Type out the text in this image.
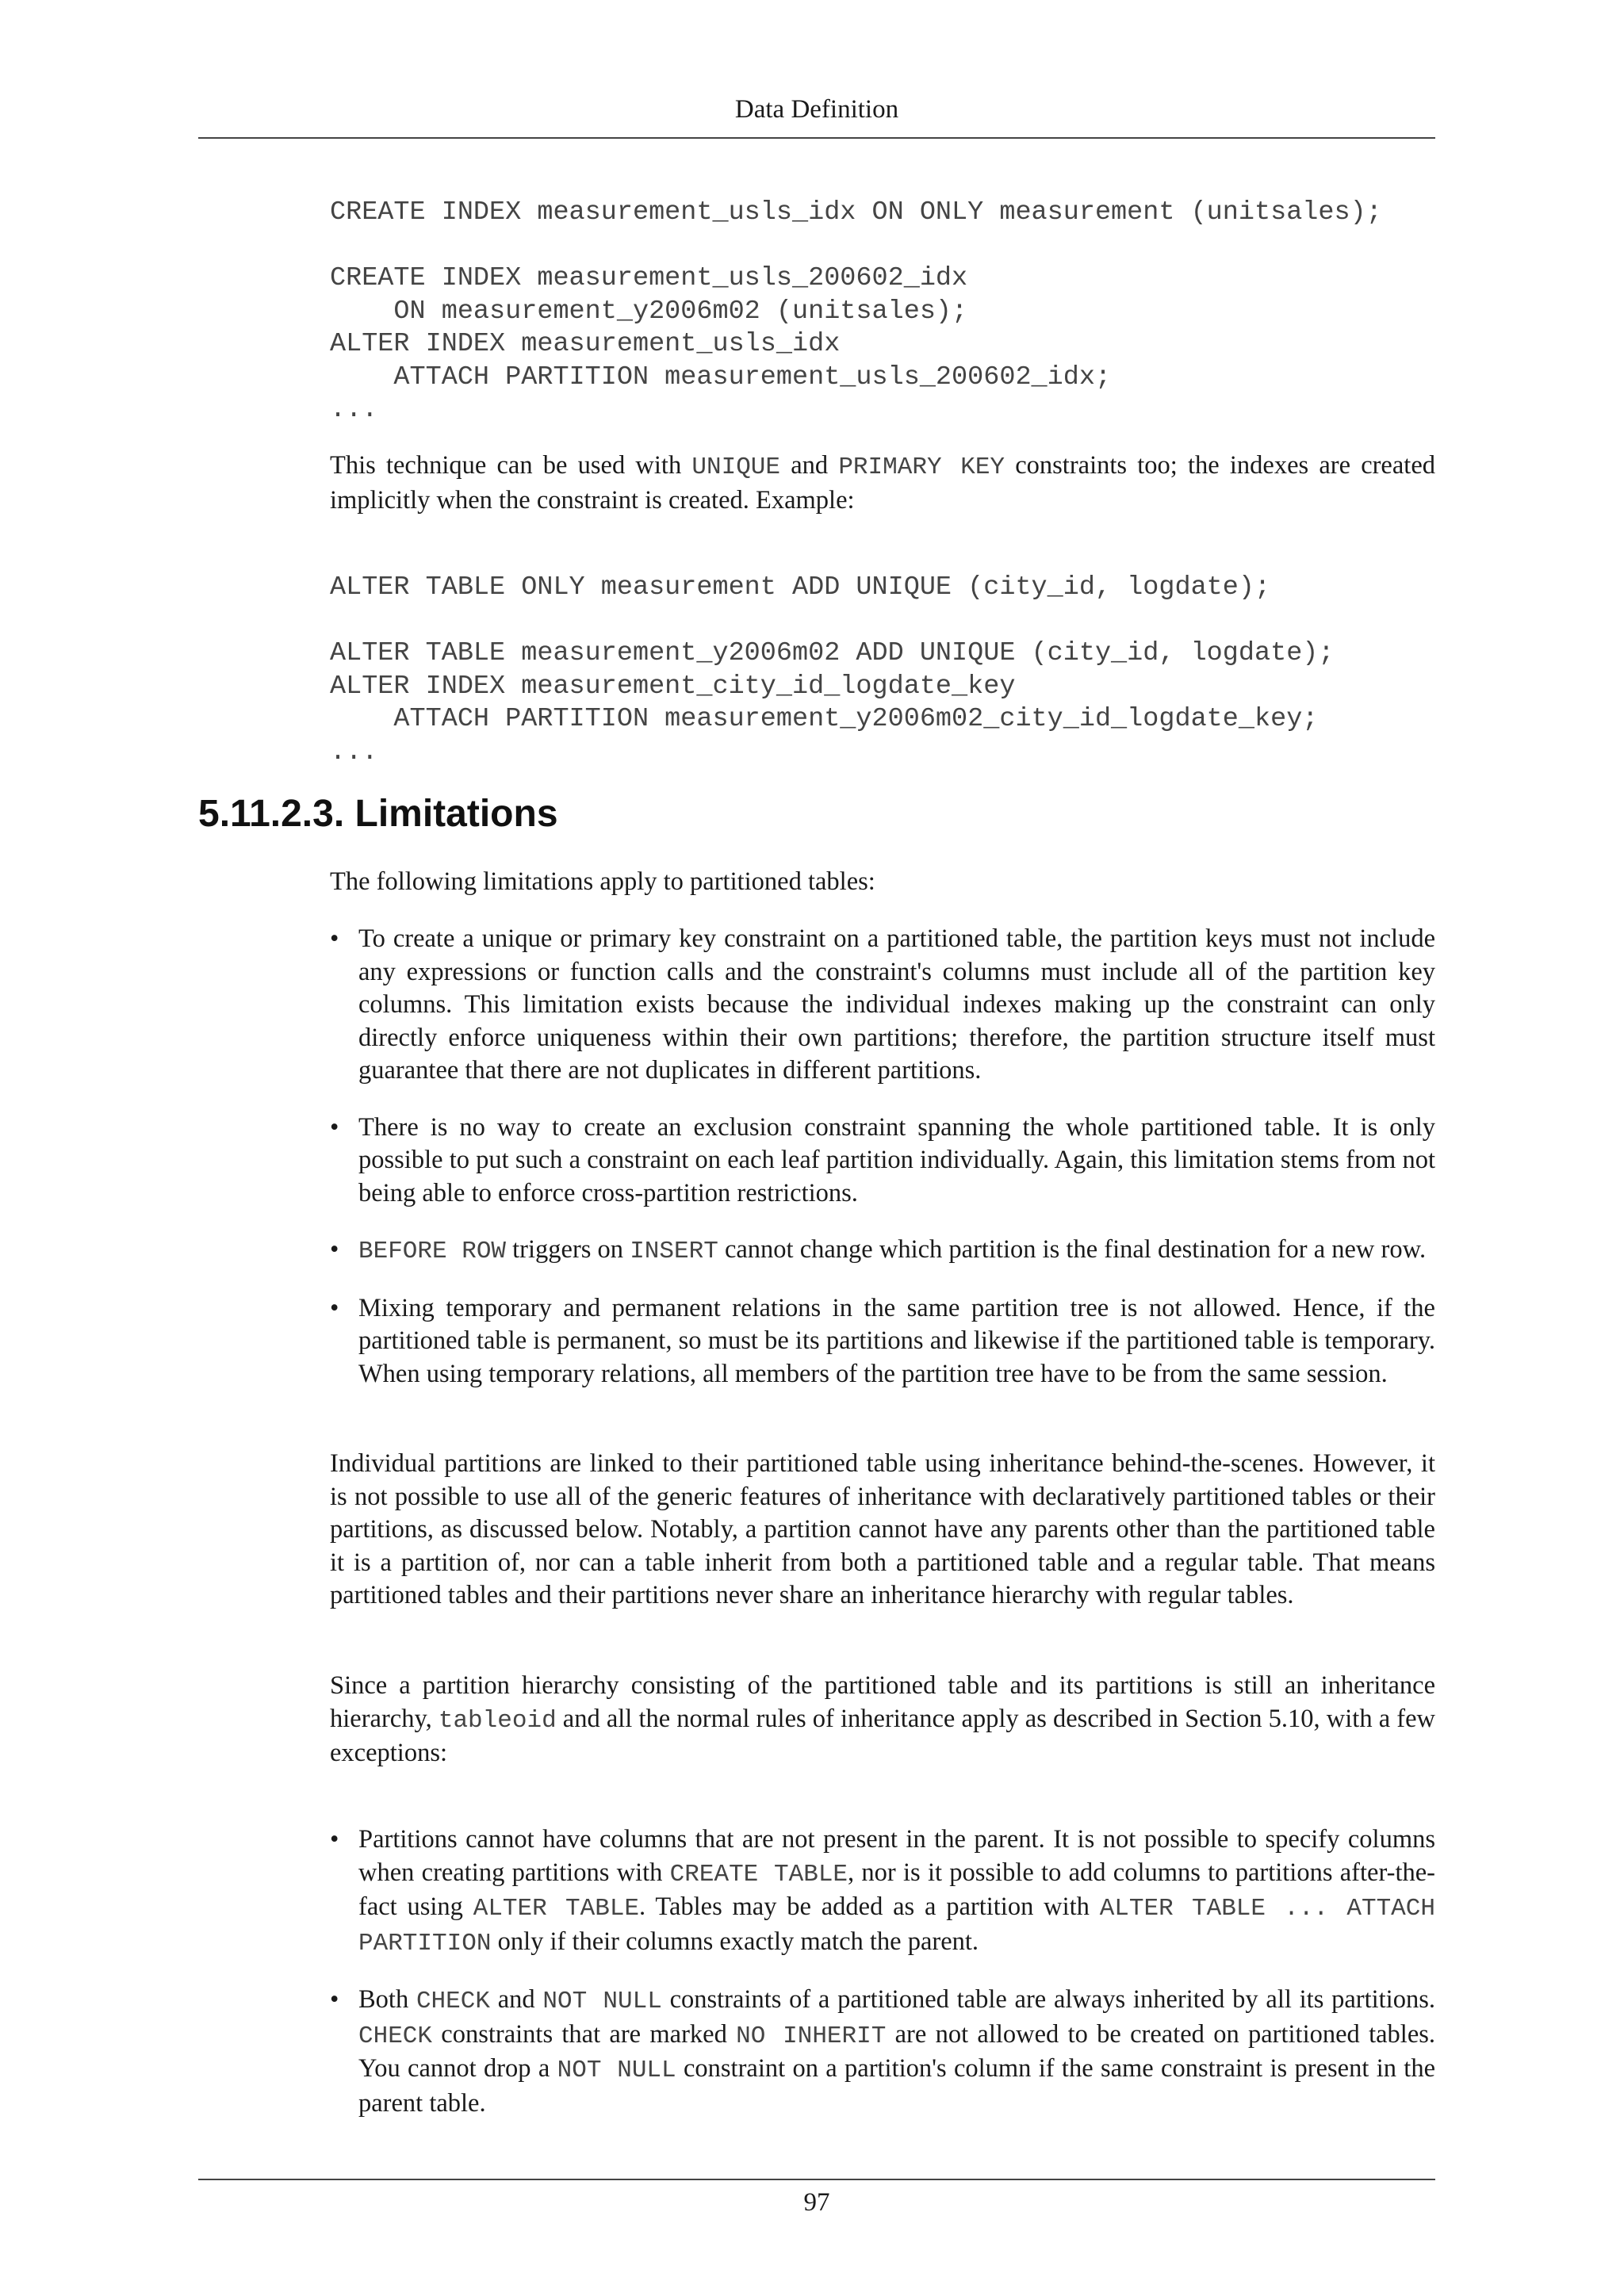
Data Definition
CREATE INDEX measurement_usls_idx ON ONLY measurement (unitsales);

CREATE INDEX measurement_usls_200602_idx
ON measurement_y2006m02 (unitsales);
ALTER INDEX measurement_usls_idx
ATTACH PARTITION measurement_usls_200602_idx;
...

This technique can be used with UNIQUE and PRIMARY KEY constraints too; the indexes are created implicitly when the constraint is created. Example:

ALTER TABLE ONLY measurement ADD UNIQUE (city_id, logdate);

ALTER TABLE measurement_y2006m02 ADD UNIQUE (city_id, logdate);
ALTER INDEX measurement_city_id_logdate_key
ATTACH PARTITION measurement_y2006m02_city_id_logdate_key;
...
5.11.2.3. Limitations

The following limitations apply to partitioned tables:

• To create a unique or primary key constraint on a partitioned table, the partition keys must not include any expressions or function calls and the constraint's columns must include all of the partition key columns. This limitation exists because the individual indexes making up the constraint can only directly enforce uniqueness within their own partitions; therefore, the partition structure itself must guarantee that there are not duplicates in different partitions.
• There is no way to create an exclusion constraint spanning the whole partitioned table. It is only possible to put such a constraint on each leaf partition individually. Again, this limitation stems from not being able to enforce cross-partition restrictions.
• BEFORE ROW triggers on INSERT cannot change which partition is the final destination for a new row.
• Mixing temporary and permanent relations in the same partition tree is not allowed. Hence, if the partitioned table is permanent, so must be its partitions and likewise if the partitioned table is temporary. When using temporary relations, all members of the partition tree have to be from the same session.

Individual partitions are linked to their partitioned table using inheritance behind-the-scenes. However, it is not possible to use all of the generic features of inheritance with declaratively partitioned tables or their partitions, as discussed below. Notably, a partition cannot have any parents other than the partitioned table it is a partition of, nor can a table inherit from both a partitioned table and a regular table. That means partitioned tables and their partitions never share an inheritance hierarchy with regular tables.

Since a partition hierarchy consisting of the partitioned table and its partitions is still an inheritance hierarchy, tableoid and all the normal rules of inheritance apply as described in Section 5.10, with a few exceptions:

• Partitions cannot have columns that are not present in the parent. It is not possible to specify columns when creating partitions with CREATE TABLE, nor is it possible to add columns to partitions after-the-fact using ALTER TABLE. Tables may be added as a partition with ALTER TABLE ... ATTACH PARTITION only if their columns exactly match the parent.
• Both CHECK and NOT NULL constraints of a partitioned table are always inherited by all its partitions. CHECK constraints that are marked NO INHERIT are not allowed to be created on partitioned tables. You cannot drop a NOT NULL constraint on a partition's column if the same constraint is present in the parent table.
97
